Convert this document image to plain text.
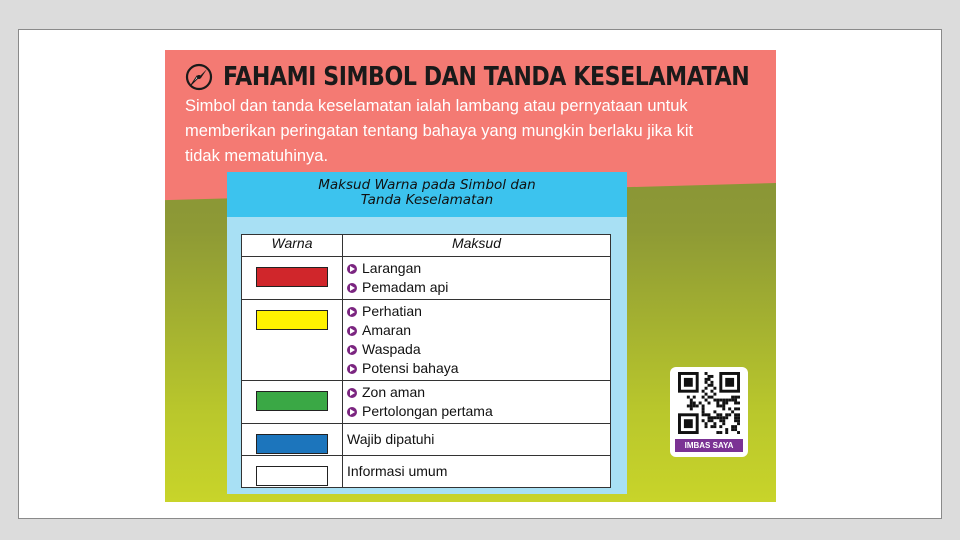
FAHAMI SIMBOL DAN TANDA KESELAMATAN
Simbol dan tanda keselamatan ialah lambang atau pernyataan untuk
memberikan peringatan tentang bahaya yang mungkin berlaku jika kit
tidak mematuhinya.
Maksud Warna pada Simbol dan
Tanda Keselamatan
Warna	Maksud

	Larangan
Pemadam api

	Perhatian
Amaran
Waspada
Potensi bahaya

	Zon aman
Pertolongan pertama

	Wajib dipatuhi

	Informasi umum
IMBAS SAYA
